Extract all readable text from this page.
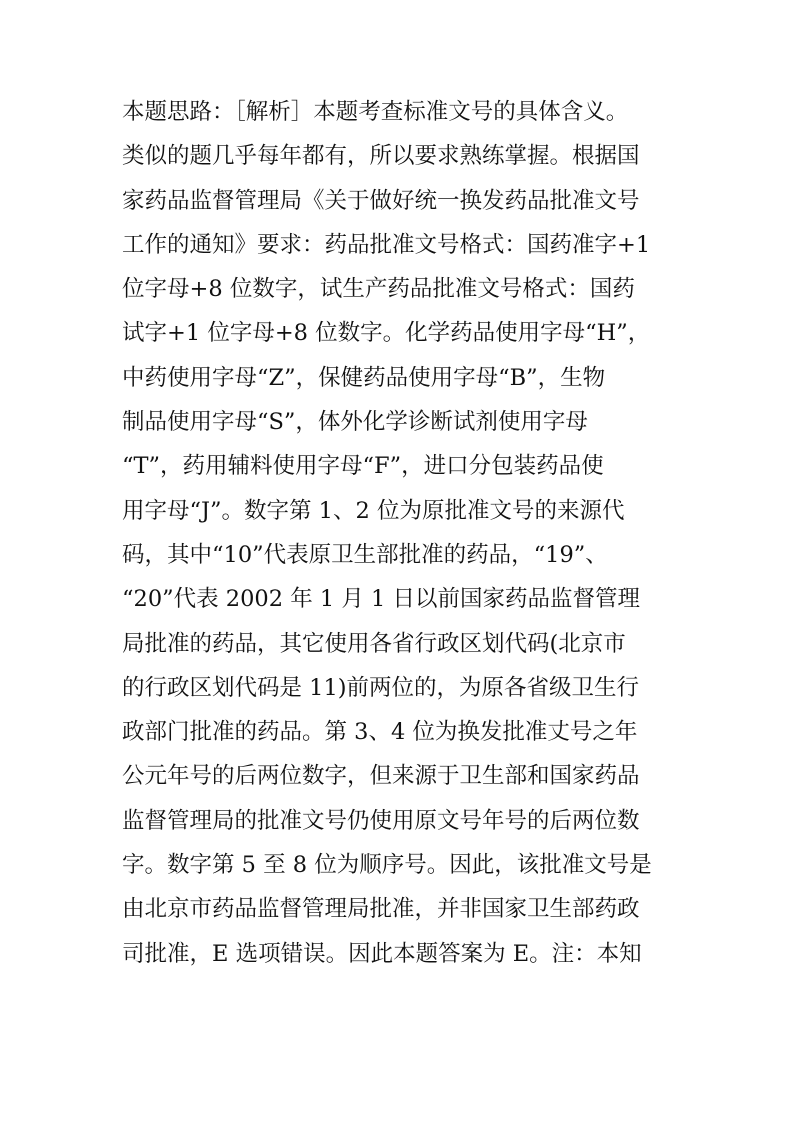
本题思路：［解析］本题考查标准文号的具体含义。
类似的题几乎每年都有，所以要求熟练掌握。根据国
家药品监督管理局《关于做好统一换发药品批准文号
工作的通知》要求：药品批准文号格式：国药准字+1
位字母+8 位数字，试生产药品批准文号格式：国药
试字+1 位字母+8 位数字。化学药品使用字母“H”，
中药使用字母“Z”，保健药品使用字母“B”，生物
制品使用字母“S”，体外化学诊断试剂使用字母
“T”，药用辅料使用字母“F”，进口分包装药品使
用字母“J”。数字第 1、2 位为原批准文号的来源代
码，其中“10”代表原卫生部批准的药品，“19”、
“20”代表 2002 年 1 月 1 日以前国家药品监督管理
局批准的药品，其它使用各省行政区划代码(北京市
的行政区划代码是 11)前两位的，为原各省级卫生行
政部门批准的药品。第 3、4 位为换发批准丈号之年
公元年号的后两位数字，但来源于卫生部和国家药品
监督管理局的批准文号仍使用原文号年号的后两位数
字。数字第 5 至 8 位为顺序号。因此，该批准文号是
由北京市药品监督管理局批准，并非国家卫生部药政
司批准，E 选项错误。因此本题答案为 E。注：本知
